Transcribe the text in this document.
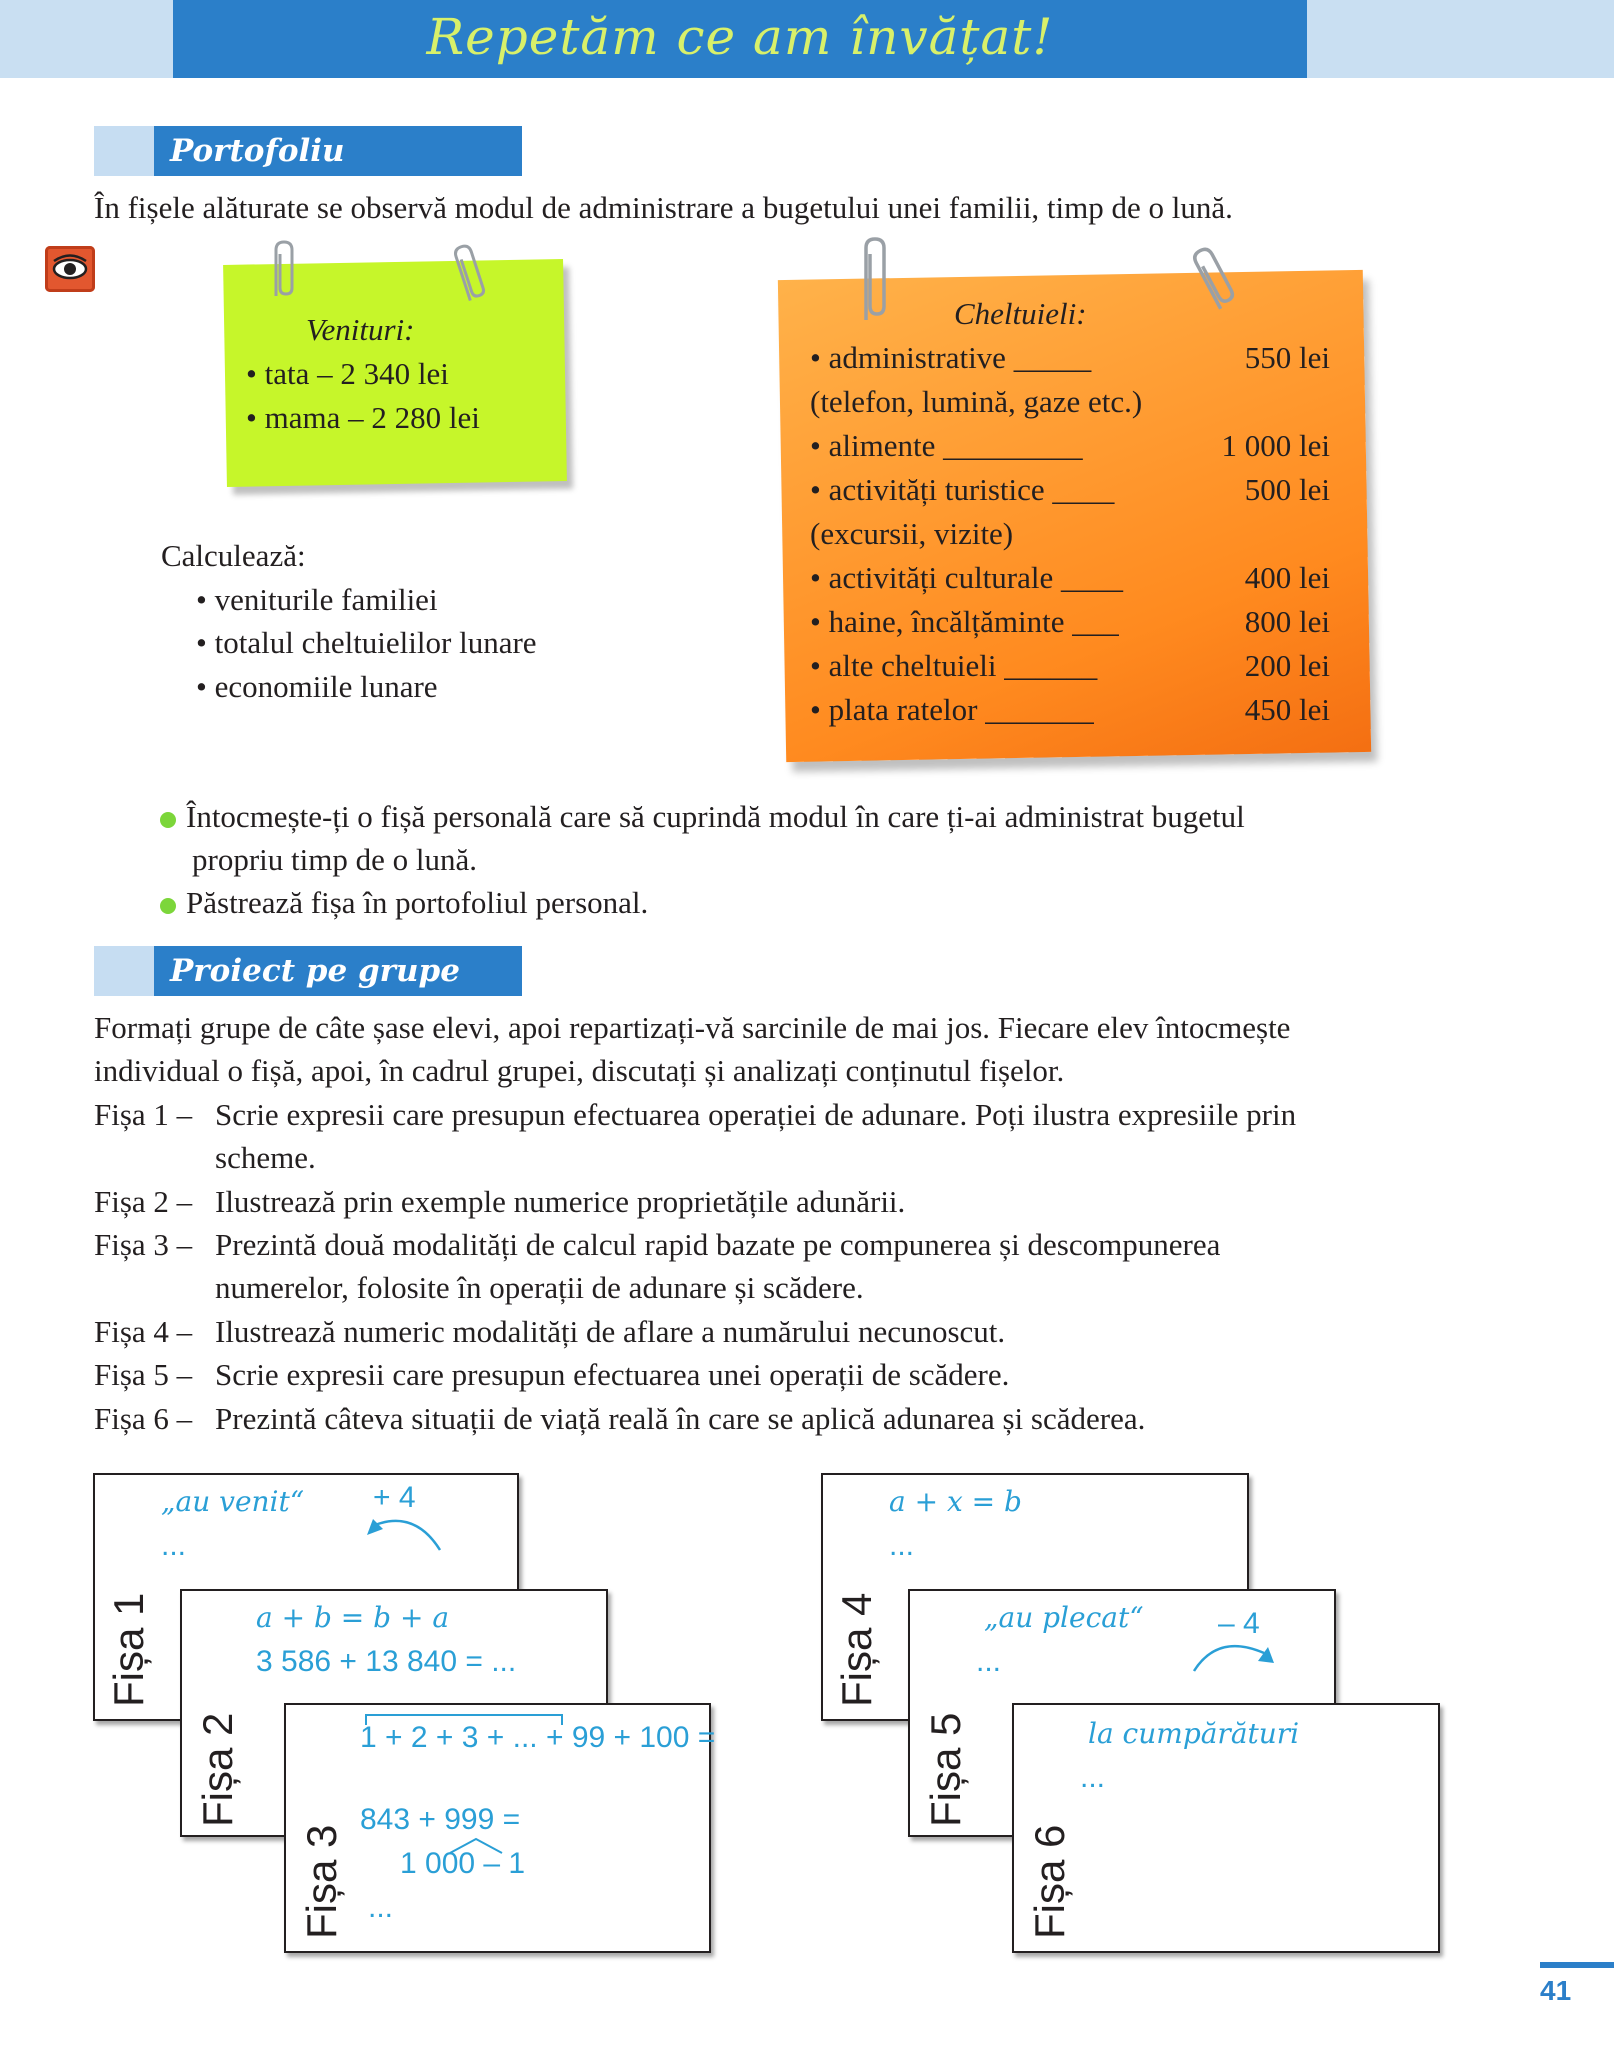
Repetăm ce am învățat!
Portofoliu
În fișele alăturate se observă modul de administrare a bugetului unei familii, timp de o lună.
Venituri:
• tata – 2 340 lei
• mama – 2 280 lei
Cheltuieli:
• administrative _____	550 lei
(telefon, lumină, gaze etc.)
• alimente _________	1 000 lei
• activități turistice ____	500 lei
(excursii, vizite)
• activități culturale ____	400 lei
• haine, încălțăminte ___	800 lei
• alte cheltuieli ______	200 lei
• plata ratelor _______	450 lei
Calculează:
• veniturile familiei
• totalul cheltuielilor lunare
• economiile lunare
Întocmește-ți o fișă personală care să cuprindă modul în care ți-ai administrat bugetul
propriu timp de o lună.
Păstrează fișa în portofoliul personal.
Proiect pe grupe
Formați grupe de câte șase elevi, apoi repartizați-vă sarcinile de mai jos. Fiecare elev întocmește
individual o fișă, apoi, în cadrul grupei, discutați și analizați conținutul fișelor.
Fișa 1 – Scrie expresii care presupun efectuarea operației de adunare. Poți ilustra expresiile prin
scheme.
Fișa 2 – Ilustrează prin exemple numerice proprietățile adunării.
Fișa 3 – Prezintă două modalități de calcul rapid bazate pe compunerea și descompunerea
numerelor, folosite în operații de adunare și scădere.
Fișa 4 – Ilustrează numeric modalități de aflare a numărului necunoscut.
Fișa 5 – Scrie expresii care presupun efectuarea unei operații de scădere.
Fișa 6 – Prezintă câteva situații de viață reală în care se aplică adunarea și scăderea.
Fișa 1
„au venit“
...
+ 4
Fișa 2
a + b = b + a
3 586 + 13 840 = ...
Fișa 3
1 + 2 + 3 + ... + 99 + 100 =
843 + 999 =
1 000 – 1
...
Fișa 4
a + x = b
...
Fișa 5
„au plecat“
...
– 4
Fișa 6
la cumpărături
...
41
